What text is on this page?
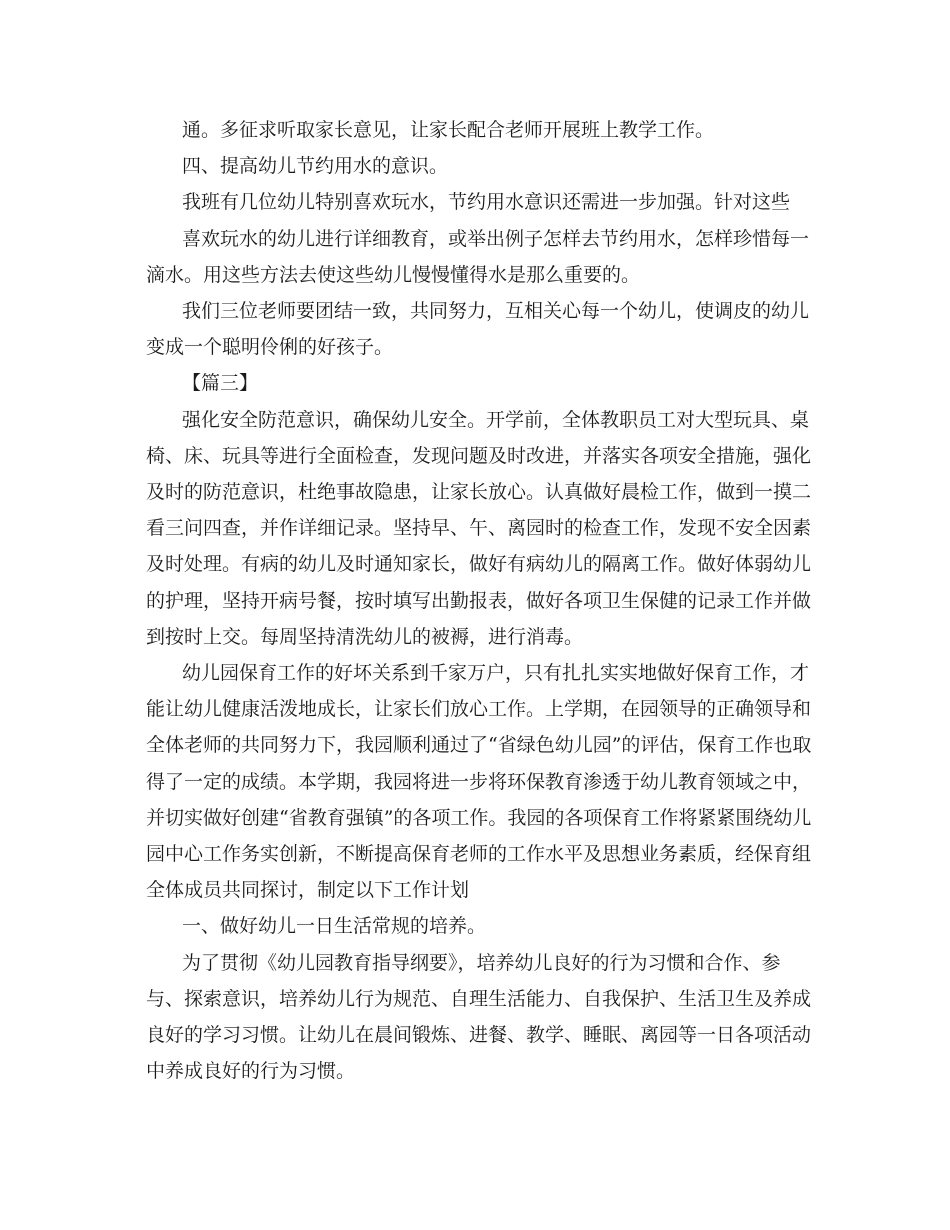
通。多征求听取家长意见，让家长配合老师开展班上教学工作。

四、提高幼儿节约用水的意识。

我班有几位幼儿特别喜欢玩水，节约用水意识还需进一步加强。针对这些

喜欢玩水的幼儿进行详细教育，或举出例子怎样去节约用水，怎样珍惜每一

滴水。用这些方法去使这些幼儿慢慢懂得水是那么重要的。

我们三位老师要团结一致，共同努力，互相关心每一个幼儿，使调皮的幼儿

变成一个聪明伶俐的好孩子。

【篇三】

强化安全防范意识，确保幼儿安全。开学前，全体教职员工对大型玩具、桌

椅、床、玩具等进行全面检查，发现问题及时改进，并落实各项安全措施，强化

及时的防范意识，杜绝事故隐患，让家长放心。认真做好晨检工作，做到一摸二

看三问四查，并作详细记录。坚持早、午、离园时的检查工作，发现不安全因素

及时处理。有病的幼儿及时通知家长，做好有病幼儿的隔离工作。做好体弱幼儿

的护理，坚持开病号餐，按时填写出勤报表，做好各项卫生保健的记录工作并做

到按时上交。每周坚持清洗幼儿的被褥，进行消毒。

幼儿园保育工作的好坏关系到千家万户，只有扎扎实实地做好保育工作，才

能让幼儿健康活泼地成长，让家长们放心工作。上学期，在园领导的正确领导和

全体老师的共同努力下，我园顺利通过了“省绿色幼儿园”的评估，保育工作也取

得了一定的成绩。本学期，我园将进一步将环保教育渗透于幼儿教育领域之中，

并切实做好创建“省教育强镇”的各项工作。我园的各项保育工作将紧紧围绕幼儿

园中心工作务实创新，不断提高保育老师的工作水平及思想业务素质，经保育组

全体成员共同探讨，制定以下工作计划

一、做好幼儿一日生活常规的培养。

为了贯彻《幼儿园教育指导纲要》，培养幼儿良好的行为习惯和合作、参

与、探索意识，培养幼儿行为规范、自理生活能力、自我保护、生活卫生及养成

良好的学习习惯。让幼儿在晨间锻炼、进餐、教学、睡眠、离园等一日各项活动

中养成良好的行为习惯。
